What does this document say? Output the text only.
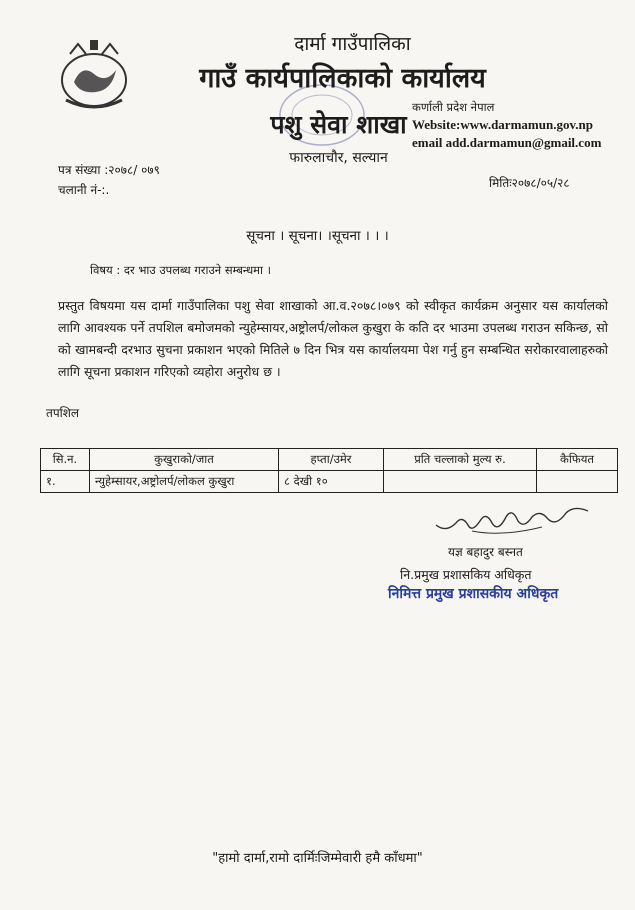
दार्मा गाउँपालिका
गाउँ कार्यपालिकाको कार्यालय
पशु सेवा शाखा
फारुलाचौर, सल्यान
कर्णाली प्रदेश नेपाल
Website:www.darmamun.gov.np
email add.darmamun@gmail.com
पत्र संख्या :२०७८/ ०७९
चलानी नं-:.	मितिः२०७८/०५/२८
सूचना । सूचना। ।सूचना । । ।
विषय : दर भाउ उपलब्ध गराउने सम्बन्धमा ।
प्रस्तुत विषयमा यस दार्मा गाउँपालिका पशु सेवा शाखाको आ.व.२०७८।०७९ को स्वीकृत कार्यक्रम अनुसार यस कार्यालको लागि आवश्यक पर्ने तपशिल बमोजमको न्युहेम्सायर,अष्ट्रोलर्प/लोकल कुखुरा के कति दर भाउमा उपलब्ध गराउन सकिन्छ, सो को खामबन्दी दरभाउ सुचना प्रकाशन भएको मितिले ७ दिन भित्र यस कार्यालयमा पेश गर्नु हुन सम्बन्धित सरोकारवालाहरुको लागि सूचना प्रकाशन गरिएको व्यहोरा अनुरोध छ ।
तपशिल
सि.न.	कुखुराको/जात	हप्ता/उमेर	प्रति चल्लाको मुल्य रु.	कैफियत
१.	न्युहेम्सायर,अष्ट्रोलर्प/लोकल कुखुरा	८ देखी १०		
यज्ञ बहादुर बस्नत
नि.प्रमुख प्रशासकिय अधिकृत
निमित्त प्रमुख प्रशासकीय अधिकृत
"हामो दार्मा,रामो दार्मिःजिम्मेवारी हमै काँधमा"
